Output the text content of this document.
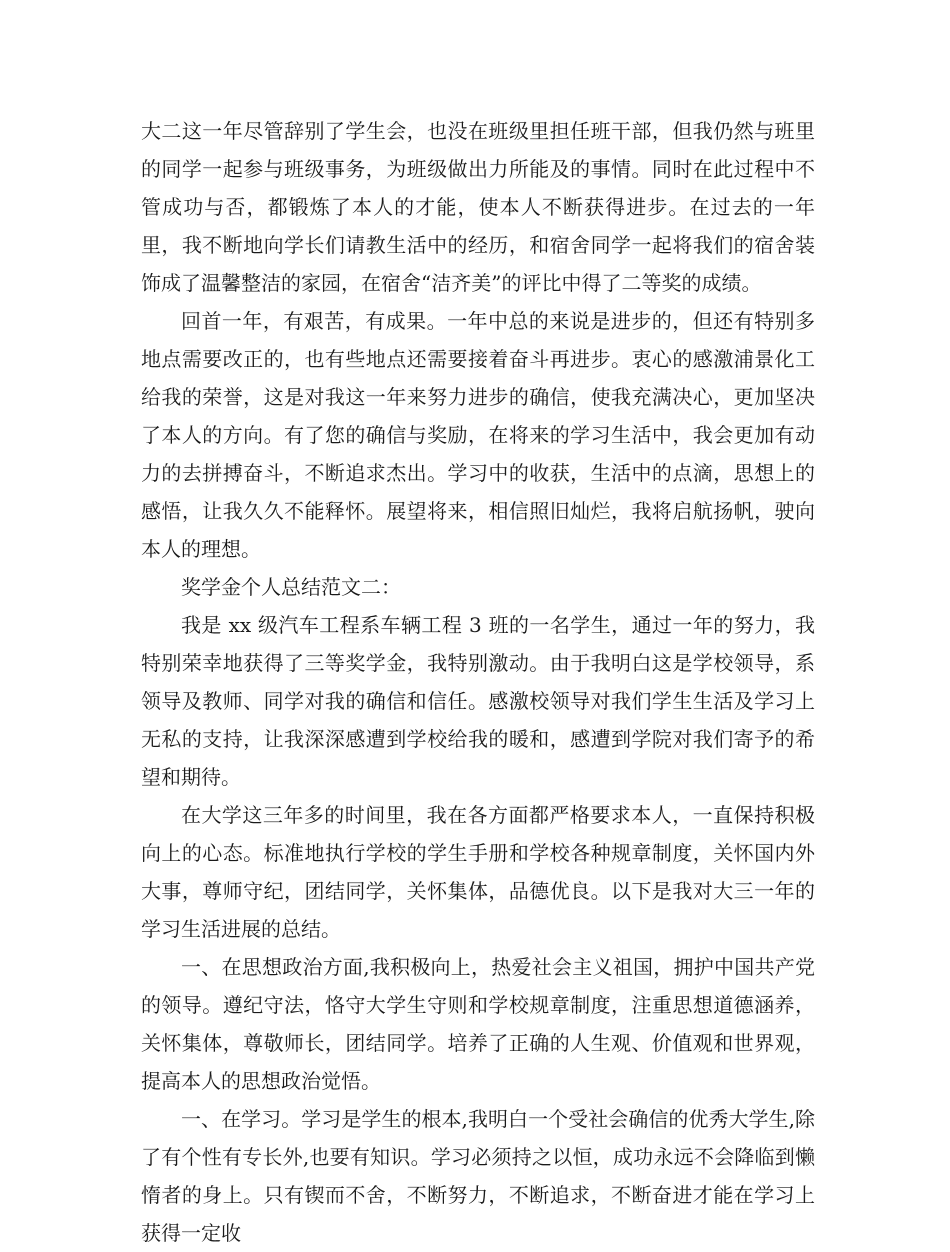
大二这一年尽管辞别了学生会，也没在班级里担任班干部，但我仍然与班里的同学一起参与班级事务，为班级做出力所能及的事情。同时在此过程中不管成功与否，都锻炼了本人的才能，使本人不断获得进步。在过去的一年里，我不断地向学长们请教生活中的经历，和宿舍同学一起将我们的宿舍装饰成了温馨整洁的家园，在宿舍“洁齐美”的评比中得了二等奖的成绩。

回首一年，有艰苦，有成果。一年中总的来说是进步的，但还有特别多地点需要改正的，也有些地点还需要接着奋斗再进步。衷心的感激浦景化工给我的荣誉，这是对我这一年来努力进步的确信，使我充满决心，更加坚决了本人的方向。有了您的确信与奖励，在将来的学习生活中，我会更加有动力的去拼搏奋斗，不断追求杰出。学习中的收获，生活中的点滴，思想上的感悟，让我久久不能释怀。展望将来，相信照旧灿烂，我将启航扬帆，驶向本人的理想。

奖学金个人总结范文二：

我是 xx 级汽车工程系车辆工程 3 班的一名学生，通过一年的努力，我特别荣幸地获得了三等奖学金，我特别激动。由于我明白这是学校领导，系领导及教师、同学对我的确信和信任。感激校领导对我们学生生活及学习上无私的支持，让我深深感遭到学校给我的暖和，感遭到学院对我们寄予的希望和期待。

在大学这三年多的时间里，我在各方面都严格要求本人，一直保持积极向上的心态。标准地执行学校的学生手册和学校各种规章制度，关怀国内外大事，尊师守纪，团结同学，关怀集体，品德优良。以下是我对大三一年的学习生活进展的总结。

一、在思想政治方面,我积极向上，热爱社会主义祖国，拥护中国共产党的领导。遵纪守法，恪守大学生守则和学校规章制度，注重思想道德涵养，关怀集体，尊敬师长，团结同学。培养了正确的人生观、价值观和世界观，提高本人的思想政治觉悟。

一、在学习。学习是学生的根本,我明白一个受社会确信的优秀大学生,除了有个性有专长外,也要有知识。学习必须持之以恒，成功永远不会降临到懒惰者的身上。只有锲而不舍，不断努力，不断追求，不断奋进才能在学习上获得一定收
